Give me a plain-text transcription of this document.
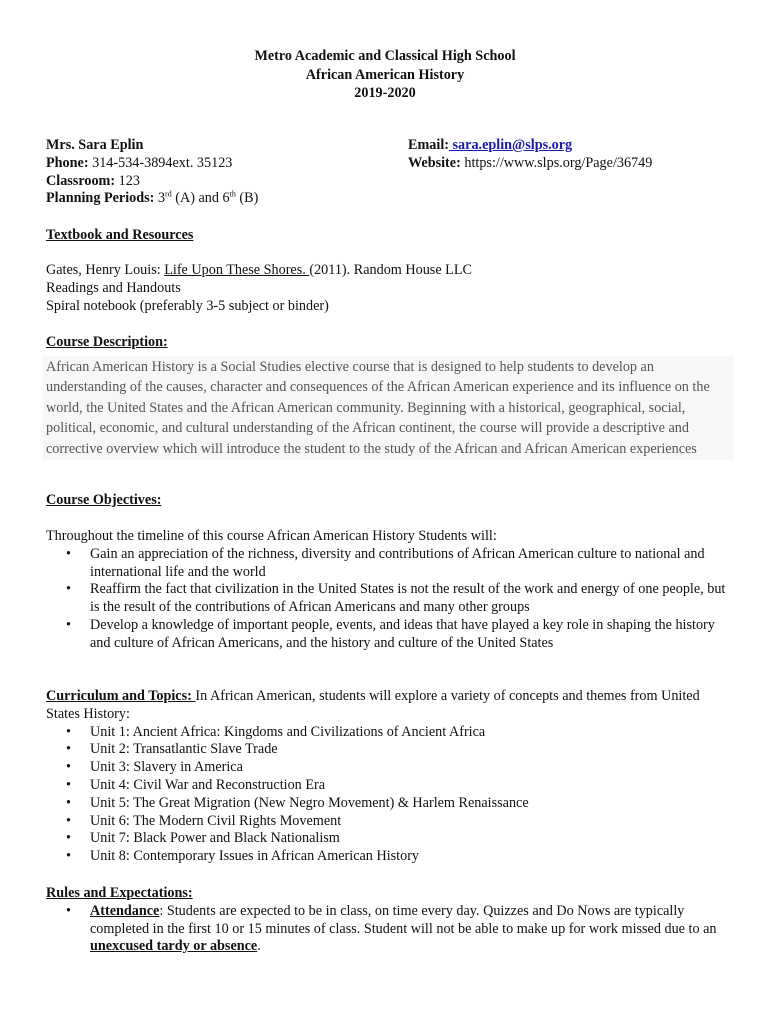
Metro Academic and Classical High School
African American History
2019-2020
Mrs. Sara Eplin
Phone: 314-534-3894ext. 35123
Classroom: 123
Planning Periods: 3rd (A) and 6th (B)
Email: sara.eplin@slps.org
Website: https://www.slps.org/Page/36749
Textbook and Resources
Gates, Henry Louis: Life Upon These Shores. (2011). Random House LLC
Readings and Handouts
Spiral notebook (preferably 3-5 subject or binder)
Course Description:
African American History is a Social Studies elective course that is designed to help students to develop an understanding of the causes, character and consequences of the African American experience and its influence on the world, the United States and the African American community. Beginning with a historical, geographical, social, political, economic, and cultural understanding of the African continent, the course will provide a descriptive and corrective overview which will introduce the student to the study of the African and African American experiences
Course Objectives:
Throughout the timeline of this course African American History Students will:
• Gain an appreciation of the richness, diversity and contributions of African American culture to national and international life and the world
• Reaffirm the fact that civilization in the United States is not the result of the work and energy of one people, but is the result of the contributions of African Americans and many other groups
• Develop a knowledge of important people, events, and ideas that have played a key role in shaping the history and culture of African Americans, and the history and culture of the United States
Curriculum and Topics: In African American, students will explore a variety of concepts and themes from United States History:
• Unit 1: Ancient Africa: Kingdoms and Civilizations of Ancient Africa
• Unit 2: Transatlantic Slave Trade
• Unit 3: Slavery in America
• Unit 4: Civil War and Reconstruction Era
• Unit 5: The Great Migration (New Negro Movement) & Harlem Renaissance
• Unit 6: The Modern Civil Rights Movement
• Unit 7: Black Power and Black Nationalism
• Unit 8: Contemporary Issues in African American History
Rules and Expectations:
• Attendance: Students are expected to be in class, on time every day. Quizzes and Do Nows are typically completed in the first 10 or 15 minutes of class. Student will not be able to make up for work missed due to an unexcused tardy or absence.
